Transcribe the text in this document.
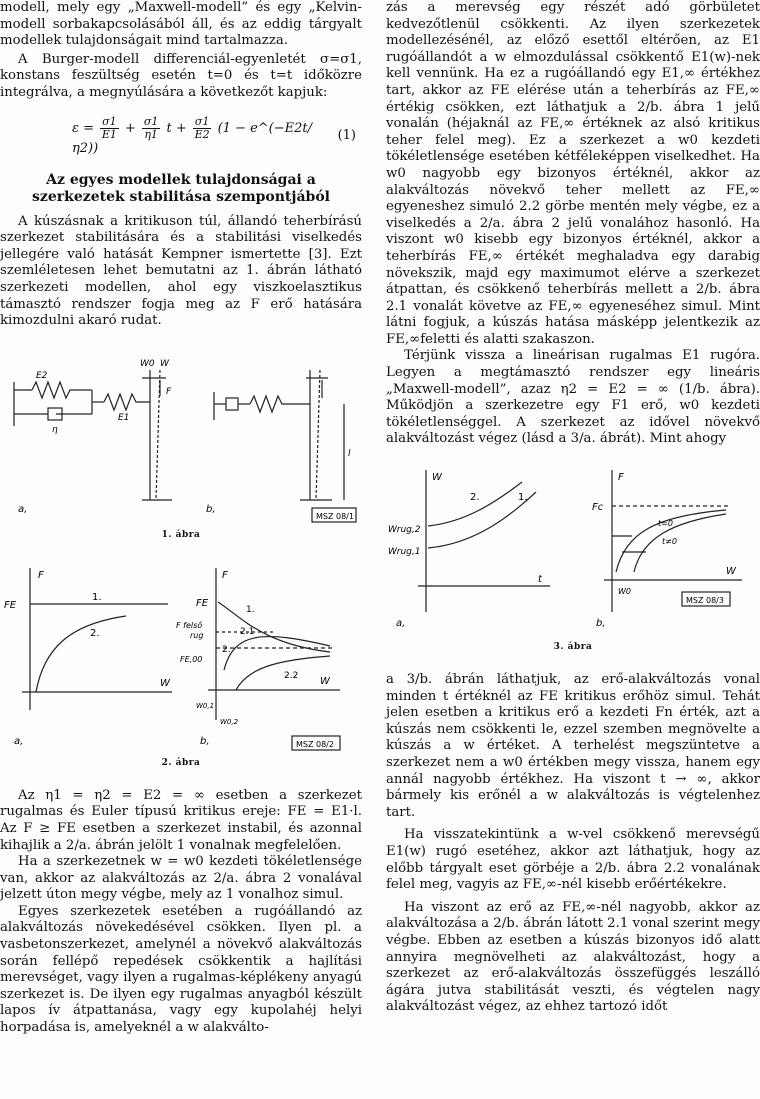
modell, mely egy „Maxwell-modell” és egy „Kelvin-modell sorbakapcsolásából áll, és az eddig tárgyalt modellek tulajdonságait mind tartalmazza.

A Burger-modell differenciál-egyenletét σ=σ1, konstans feszültség esetén t=0 és t=t időközre integrálva, a megnyúlására a következőt kapjuk:

$\varepsilon = \frac{\sigma 1}{E1} + \frac{\sigma 1}{\eta 1}$ $t + \frac{\sigma 1}{E2} (1$ − e^(−E2t/η2))
(1)
Az egyes modellek tulajdonságai a szerkezetek stabilitása szempontjából

A kúszásnak a kritikuson túl, állandó teherbírású szerkezet stabilitására és a stabilitási viselkedés jellegére való hatását Kempner ismertette [3]. Ezt szemléletesen lehet bemutatni az 1. ábrán látható szerkezeti modellen, ahol egy viszkoelasztikus támasztó rendszer fogja meg az F erő hatására kimozdulni akaró rudat.

E2
η
E1
W0 W
F
l
a,	b,
MSZ 08/1
1. ábra
F
FE
1.
2.
W
a,
F
FE
1.
F felső
rug	2.1
2.
FE,00
2.2 W
W0,1
W0,2
b,	MSZ 08/2
2. ábra

Az η1 = η2 = E2 = ∞ esetben a szerkezet rugalmas és Euler típusú kritikus ereje: FE = E1·l. Az F ≥ FE esetben a szerkezet instabil, és azonnal kihajlik a 2/a. ábrán jelölt 1 vonalnak megfelelően.

Ha a szerkezetnek w = w0 kezdeti tökéletlensége van, akkor az alakváltozás az 2/a. ábra 2 vonalával jelzett úton megy végbe, mely az 1 vonalhoz simul.

Egyes szerkezetek esetében a rugóállandó az alakváltozás növekedésével csökken. Ilyen pl. a vasbetonszerkezet, amelynél a növekvő alakváltozás során fellépő repedések csökkentik a hajlítási merevséget, vagy ilyen a rugalmas-képlékeny anyagú szerkezet is. De ilyen egy rugalmas anyagból készült lapos ív átpattanása, vagy egy kupolahéj helyi horpadása is, amelyeknél a w alakválto-

zás a merevség egy részét adó görbületet kedvezőtlenül csökkenti. Az ilyen szerkezetek modellezésénél, az előző esettől eltérően, az E1 rugóállandót a w elmozdulással csökkentő E1(w)-nek kell vennünk. Ha ez a rugóállandó egy E1,∞ értékhez tart, akkor az FE elérése után a teherbírás az FE,∞ értékig csökken, ezt láthatjuk a 2/b. ábra 1 jelű vonalán (héjaknál az FE,∞ értéknek az alsó kritikus teher felel meg). Ez a szerkezet a w0 kezdeti tökéletlensége esetében kétféleképpen viselkedhet. Ha w0 nagyobb egy bizonyos értéknél, akkor az alakváltozás növekvő teher mellett az FE,∞ egyeneshez simuló 2.2 görbe mentén mely végbe, ez a viselkedés a 2/a. ábra 2 jelű vonalához hasonló. Ha viszont w0 kisebb egy bizonyos értéknél, akkor a teherbírás FE,∞ értékét meghaladva egy darabig növekszik, majd egy maximumot elérve a szerkezet átpattan, és csökkenő teherbírás mellett a 2/b. ábra 2.1 vonalát követve az FE,∞ egyeneséhez simul. Mint látni fogjuk, a kúszás hatása másképp jelentkezik az FE,∞feletti és alatti szakaszon.

Térjünk vissza a lineárisan rugalmas E1 rugóra. Legyen a megtámasztó rendszer egy lineáris „Maxwell-modell”, azaz η2 = E2 = ∞ (1/b. ábra). Működjön a szerkezetre egy F1 erő, w0 kezdeti tökéletlenséggel. A szerkezet az idővel növekvő alakváltozást végez (lásd a 3/a. ábrát). Mint ahogy

W
2.	1.
Wrug,2
Wrug,1
t
a,
F
Fc
t=0
t≠0
W0
W
b,
MSZ 08/3
3. ábra

a 3/b. ábrán láthatjuk, az erő-alakváltozás vonal minden t értéknél az FE kritikus erőhöz simul. Tehát jelen esetben a kritikus erő a kezdeti Fn érték, azt a kúszás nem csökkenti le, ezzel szemben megnövelte a kúszás a w értéket. A terhelést megszüntetve a szerkezet nem a w0 értékben megy vissza, hanem egy annál nagyobb értékhez. Ha viszont t → ∞, akkor bármely kis erőnél a w alakváltozás is végtelenhez tart.

Ha visszatekintünk a w-vel csökkenő merevségű E1(w) rugó esetéhez, akkor azt láthatjuk, hogy az előbb tárgyalt eset görbéje a 2/b. ábra 2.2 vonalának felel meg, vagyis az FE,∞-nél kisebb erőértékekre.

Ha viszont az erő az FE,∞-nél nagyobb, akkor az alakváltozása a 2/b. ábrán látott 2.1 vonal szerint megy végbe. Ebben az esetben a kúszás bizonyos idő alatt annyira megnövelheti az alakváltozást, hogy a szerkezet az erő-alakváltozás összefüggés leszálló ágára jutva stabilitását veszti, és végtelen nagy alakváltozást végez, az ehhez tartozó időt
